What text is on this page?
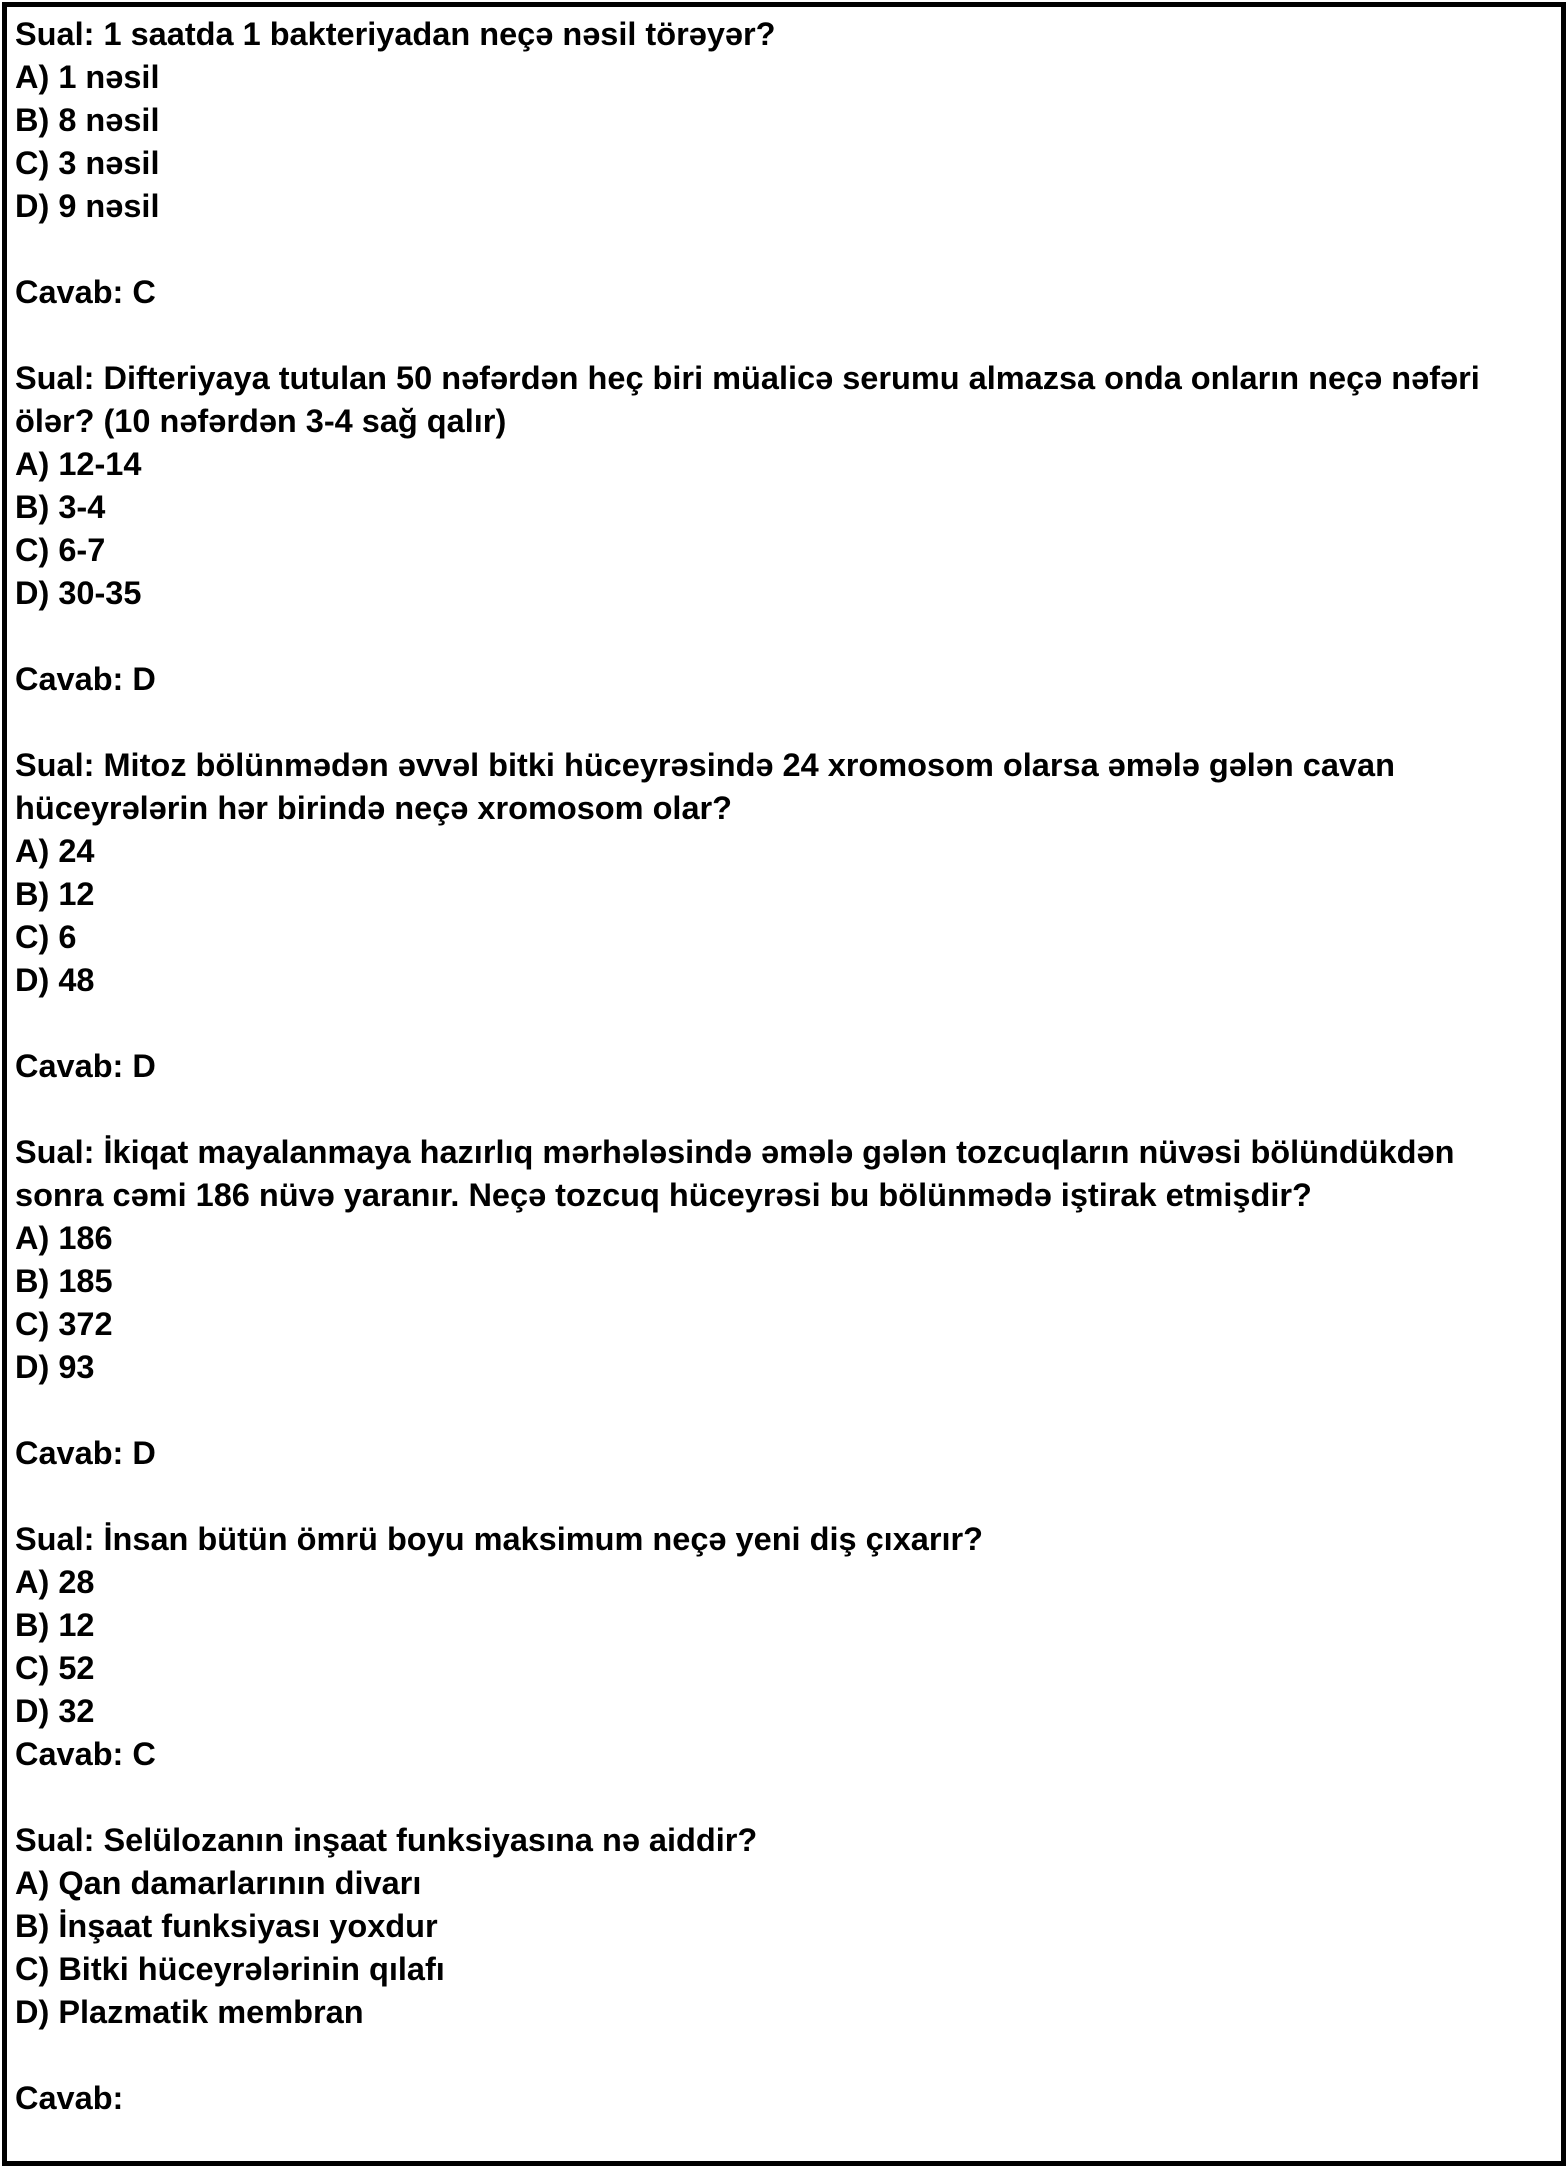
Sual: 1 saatda 1 bakteriyadan neçə nəsil törəyər?
A) 1 nəsil
B) 8 nəsil
C) 3 nəsil
D) 9 nəsil
Cavab: C
Sual: Difteriyaya tutulan 50 nəfərdən heç biri müalicə serumu almazsa onda onların neçə nəfəri ölər? (10 nəfərdən 3-4 sağ qalır)
A) 12-14
B) 3-4
C) 6-7
D) 30-35
Cavab: D
Sual: Mitoz bölünmədən əvvəl bitki hüceyrəsində 24 xromosom olarsa əmələ gələn cavan hüceyrələrin hər birində neçə xromosom olar?
A) 24
B) 12
C) 6
D) 48
Cavab: D
Sual: İkiqat mayalanmaya hazırlıq mərhələsində əmələ gələn tozcuqların nüvəsi bölündükdən sonra cəmi 186 nüvə yaranır. Neçə tozcuq hüceyrəsi bu bölünmədə iştirak etmişdir?
A) 186
B) 185
C) 372
D) 93
Cavab: D
Sual: İnsan bütün ömrü boyu maksimum neçə yeni diş çıxarır?
A) 28
B) 12
C) 52
D) 32
Cavab: C
Sual: Selülozanın inşaat funksiyasına nə aiddir?
A) Qan damarlarının divarı
B) İnşaat funksiyası yoxdur
C) Bitki hüceyrələrinin qılafı
D) Plazmatik membran
Cavab:
